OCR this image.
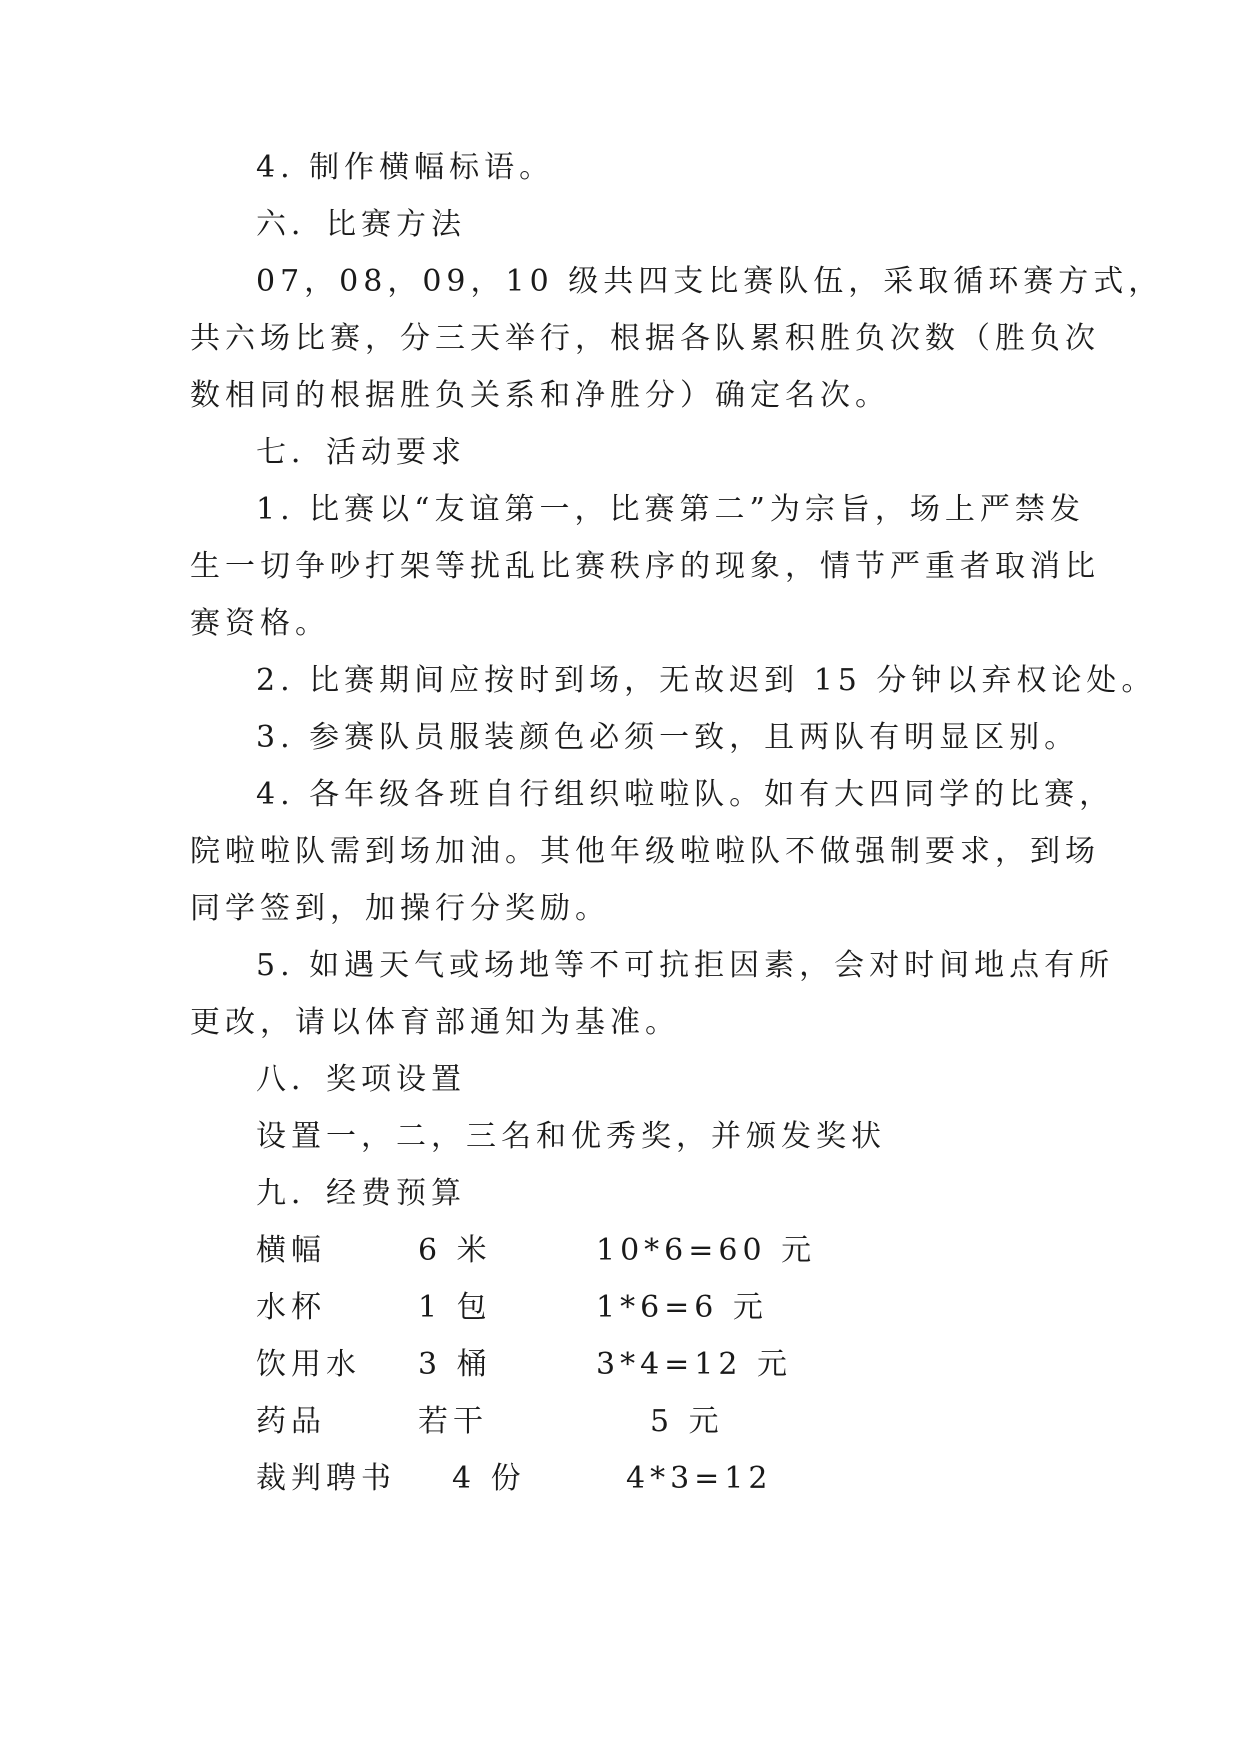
4. 制作横幅标语。
六．比赛方法
07，08，09，10 级共四支比赛队伍，采取循环赛方式，
共六场比赛，分三天举行，根据各队累积胜负次数（胜负次
数相同的根据胜负关系和净胜分）确定名次。
七．活动要求
1. 比赛以“友谊第一，比赛第二”为宗旨，场上严禁发
生一切争吵打架等扰乱比赛秩序的现象，情节严重者取消比
赛资格。
2. 比赛期间应按时到场，无故迟到 15 分钟以弃权论处。
3. 参赛队员服装颜色必须一致，且两队有明显区别。
4. 各年级各班自行组织啦啦队。如有大四同学的比赛，
院啦啦队需到场加油。其他年级啦啦队不做强制要求，到场
同学签到，加操行分奖励。
5. 如遇天气或场地等不可抗拒因素，会对时间地点有所
更改，请以体育部通知为基准。
八．奖项设置
设置一，二，三名和优秀奖，并颁发奖状
九．经费预算
横幅	6 米	10*6=60 元
水杯	1 包	1*6=6 元
饮用水 3 桶	3*4=12 元
药品	若干	5 元
裁判聘书 4 份	4*3=12
